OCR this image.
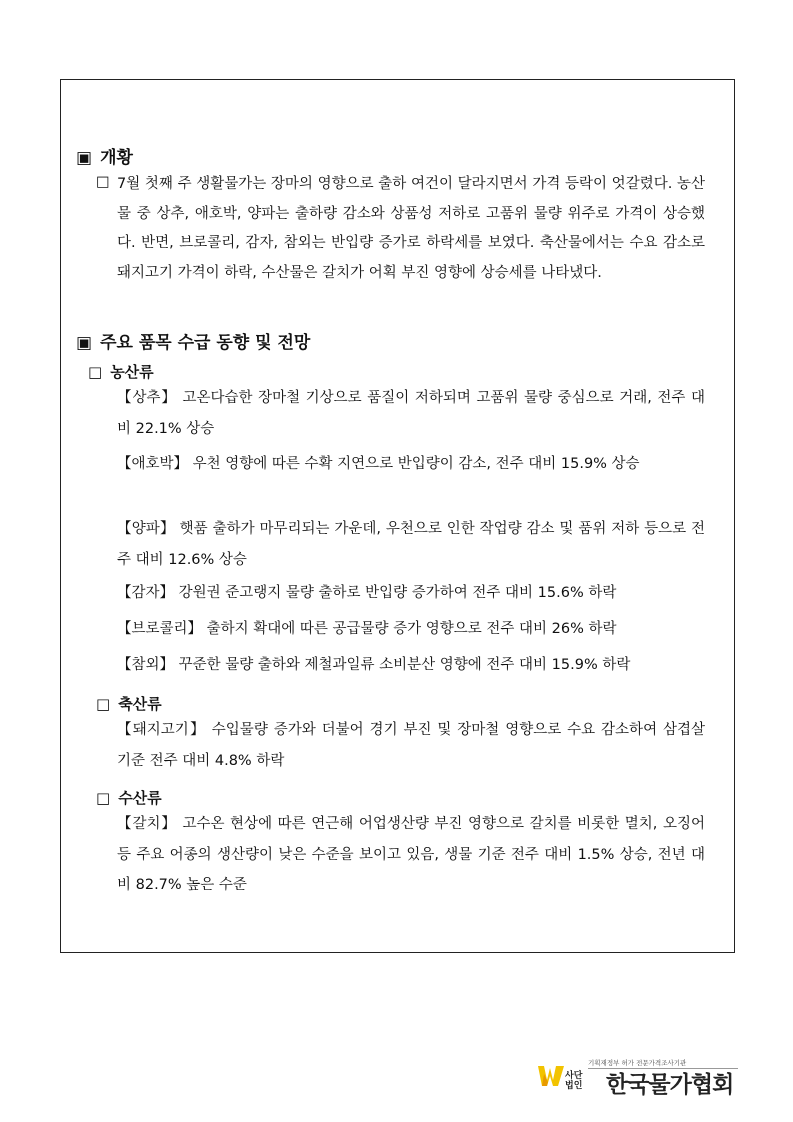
▣ 개황
□ 7월 첫째 주 생활물가는 장마의 영향으로 출하 여건이 달라지면서 가격 등락이 엇갈렸다. 농산물 중 상추, 애호박, 양파는 출하량 감소와 상품성 저하로 고품위 물량 위주로 가격이 상승했다. 반면, 브로콜리, 감자, 참외는 반입량 증가로 하락세를 보였다. 축산물에서는 수요 감소로 돼지고기 가격이 하락, 수산물은 갈치가 어획 부진 영향에 상승세를 나타냈다.
▣ 주요 품목 수급 동향 및 전망
□ 농산류
【상추】 고온다습한 장마철 기상으로 품질이 저하되며 고품위 물량 중심으로 거래, 전주 대비 22.1% 상승
【애호박】 우천 영향에 따른 수확 지연으로 반입량이 감소, 전주 대비 15.9% 상승
【양파】 햇품 출하가 마무리되는 가운데, 우천으로 인한 작업량 감소 및 품위 저하 등으로 전주 대비 12.6% 상승
【감자】 강원권 준고랭지 물량 출하로 반입량 증가하여 전주 대비 15.6% 하락
【브로콜리】 출하지 확대에 따른 공급물량 증가 영향으로 전주 대비 26% 하락
【참외】 꾸준한 물량 출하와 제철과일류 소비분산 영향에 전주 대비 15.9% 하락
□ 축산류
【돼지고기】 수입물량 증가와 더불어 경기 부진 및 장마철 영향으로 수요 감소하여 삼겹살 기준 전주 대비 4.8% 하락
□ 수산류
【갈치】 고수온 현상에 따른 연근해 어업생산량 부진 영향으로 갈치를 비롯한 멸치, 오징어 등 주요 어종의 생산량이 낮은 수준을 보이고 있음, 생물 기준 전주 대비 1.5% 상승, 전년 대비 82.7% 높은 수준
기획재정부 허가 전문가격조사기관
사단법인 한국물가협회
